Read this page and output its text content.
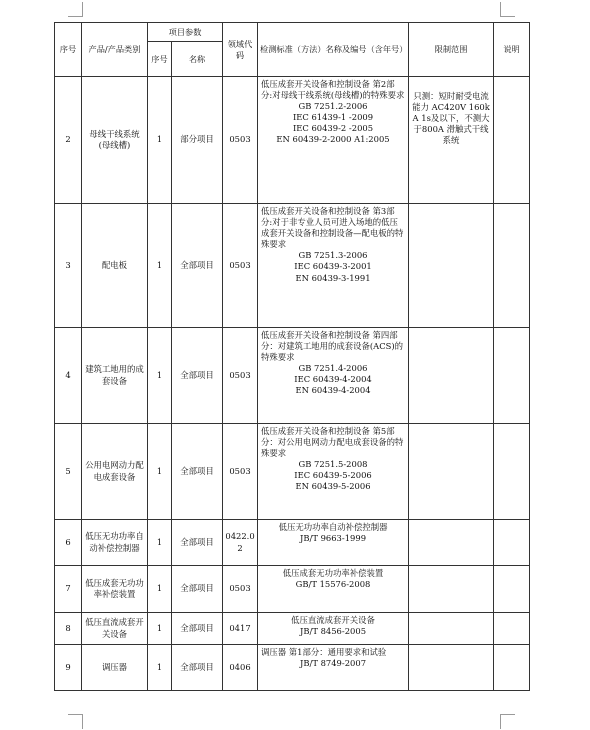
序号	产品/产品类别	项目参数		领域代码	检测标准（方法）名称及编号（含年号）	限制范围	说明
		序号	名称				
2	母线干线系统(母线槽)	1	部分项目	0503	低压成套开关设备和控制设备 第2部分:对母线干线系统(母线槽)的特殊要求
GB 7251.2-2006
IEC 61439-1 -2009
IEC 60439-2 -2005
EN 60439-2-2000 A1:2005	只测：短时耐受电流能力 AC420V 160kA 1s及以下，不测大于800A 滑触式干线系统	
3	配电板	1	全部项目	0503	低压成套开关设备和控制设备 第3部分:对于非专业人员可进入场地的低压成套开关设备和控制设备—配电板的特殊要求
GB 7251.3-2006
IEC 60439-3-2001
EN 60439-3-1991		

4	建筑工地用的成套设备	1	全部项目	0503	低压成套开关设备和控制设备 第四部分：对建筑工地用的成套设备(ACS)的特殊要求
GB 7251.4-2006
IEC 60439-4-2004
EN 60439-4-2004		

5	公用电网动力配电成套设备	1	全部项目	0503	低压成套开关设备和控制设备 第5部分：对公用电网动力配电成套设备的特殊要求
GB 7251.5-2008
IEC 60439-5-2006
EN 60439-5-2006		

6	低压无功功率自动补偿控制器	1	全部项目	0422.02	低压无功功率自动补偿控制器
JB/T 9663-1999		

7	低压成套无功功率补偿装置	1	全部项目	0503	低压成套无功功率补偿装置
GB/T 15576-2008		

8	低压直流成套开关设备	1	全部项目	0417	低压直流成套开关设备
JB/T 8456-2005		

9	调压器	1	全部项目	0406	调压器 第1部分：通用要求和试验
JB/T 8749-2007		
